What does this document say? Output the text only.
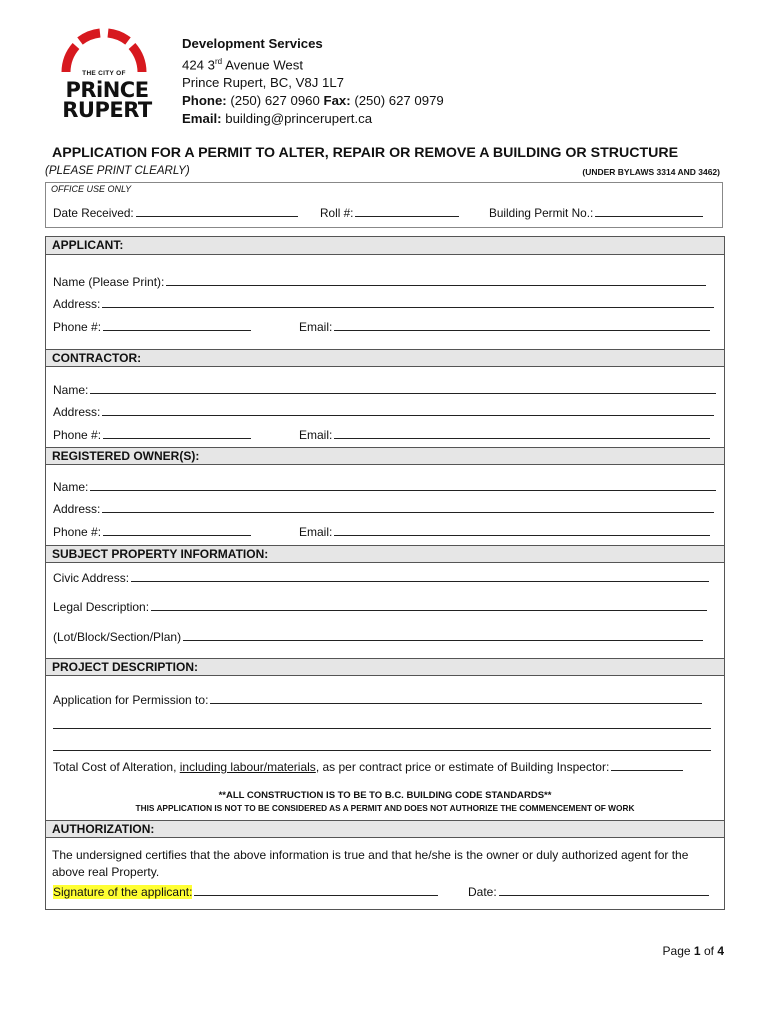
THE CITY OF
PRiNCE
RUPERT
Development Services
424 3rd Avenue West
Prince Rupert, BC, V8J 1L7
Phone: (250) 627 0960 Fax: (250) 627 0979
Email: building@princerupert.ca
APPLICATION FOR A PERMIT TO ALTER, REPAIR OR REMOVE A BUILDING OR STRUCTURE
(PLEASE PRINT CLEARLY)	(UNDER BYLAWS 3314 AND 3462)
OFFICE USE ONLY
Date Received:	Roll #:	Building Permit No.:
APPLICANT:
Name (Please Print):
Address:
Phone #:	Email:
CONTRACTOR:
Name:
Address:
Phone #:	Email:
REGISTERED OWNER(S):
Name:
Address:
Phone #:	Email:
SUBJECT PROPERTY INFORMATION:
Civic Address:
Legal Description:
(Lot/Block/Section/Plan)
PROJECT DESCRIPTION:
Application for Permission to:
Total Cost of Alteration, including labour/materials, as per contract price or estimate of Building Inspector:
**ALL CONSTRUCTION IS TO BE TO B.C. BUILDING CODE STANDARDS**
THIS APPLICATION IS NOT TO BE CONSIDERED AS A PERMIT AND DOES NOT AUTHORIZE THE COMMENCEMENT OF WORK
AUTHORIZATION:
The undersigned certifies that the above information is true and that he/she is the owner or duly authorized agent for the above real Property.
Signature of the applicant:	Date:
Page 1 of 4
